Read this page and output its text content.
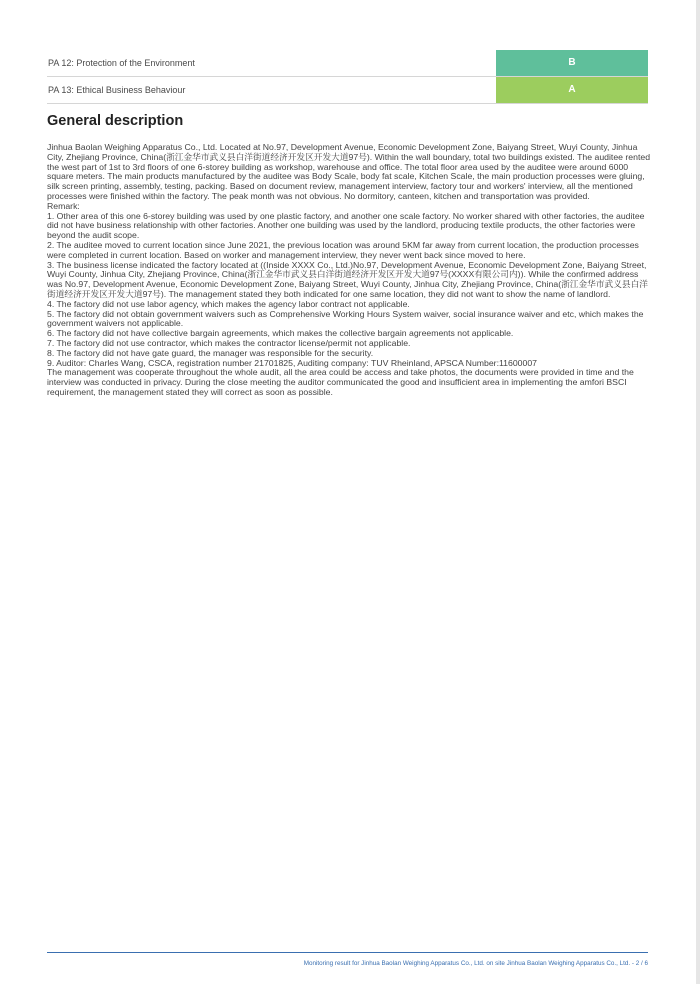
PA 12: Protection of the Environment	B
PA 13: Ethical Business Behaviour	A
General description

Jinhua Baolan Weighing Apparatus Co., Ltd. Located at No.97, Development Avenue, Economic Development Zone, Baiyang Street, Wuyi County, Jinhua City, Zhejiang Province, China(浙江金华市武义县白洋街道经济开发区开发大道97号). Within the wall boundary, total two buildings existed. The auditee rented the west part of 1st to 3rd floors of one 6-storey building as workshop, warehouse and office. The total floor area used by the auditee were around 6000 square meters. The main products manufactured by the auditee was Body Scale, body fat scale, Kitchen Scale, the main production processes were gluing, silk screen printing, assembly, testing, packing. Based on document review, management interview, factory tour and workers' interview, all the mentioned processes were finished within the factory. The peak month was not obvious. No dormitory, canteen, kitchen and transportation was provided.

Remark:

1. Other area of this one 6-storey building was used by one plastic factory, and another one scale factory. No worker shared with other factories, the auditee did not have business relationship with other factories. Another one building was used by the landlord, producing textile products, the other factories were beyond the audit scope.

2. The auditee moved to current location since June 2021, the previous location was around 5KM far away from current location, the production processes were completed in current location. Based on worker and management interview, they never went back since moved to here.

3. The business license indicated the factory located at ((Inside XXXX Co., Ltd.)No.97, Development Avenue, Economic Development Zone, Baiyang Street, Wuyi County, Jinhua City, Zhejiang Province, China(浙江金华市武义县白洋街道经济开发区开发大道97号(XXXX有限公司内)). While the confirmed address was No.97, Development Avenue, Economic Development Zone, Baiyang Street, Wuyi County, Jinhua City, Zhejiang Province, China(浙江金华市武义县白洋街道经济开发区开发大道97号). The management stated they both indicated for one same location, they did not want to show the name of landlord.

4. The factory did not use labor agency, which makes the agency labor contract not applicable.

5. The factory did not obtain government waivers such as Comprehensive Working Hours System waiver, social insurance waiver and etc, which makes the government waivers not applicable.

6. The factory did not have collective bargain agreements, which makes the collective bargain agreements not applicable.

7. The factory did not use contractor, which makes the contractor license/permit not applicable.

8. The factory did not have gate guard, the manager was responsible for the security.

9. Auditor: Charles Wang, CSCA, registration number 21701825, Auditing company: TUV Rheinland, APSCA Number:11600007

The management was cooperate throughout the whole audit, all the area could be access and take photos, the documents were provided in time and the interview was conducted in privacy. During the close meeting the auditor communicated the good and insufficient area in implementing the amfori BSCI requirement, the management stated they will correct as soon as possible.

Monitoring result for Jinhua Baolan Weighing Apparatus Co., Ltd. on site Jinhua Baolan Weighing Apparatus Co., Ltd. - 2 / 6
